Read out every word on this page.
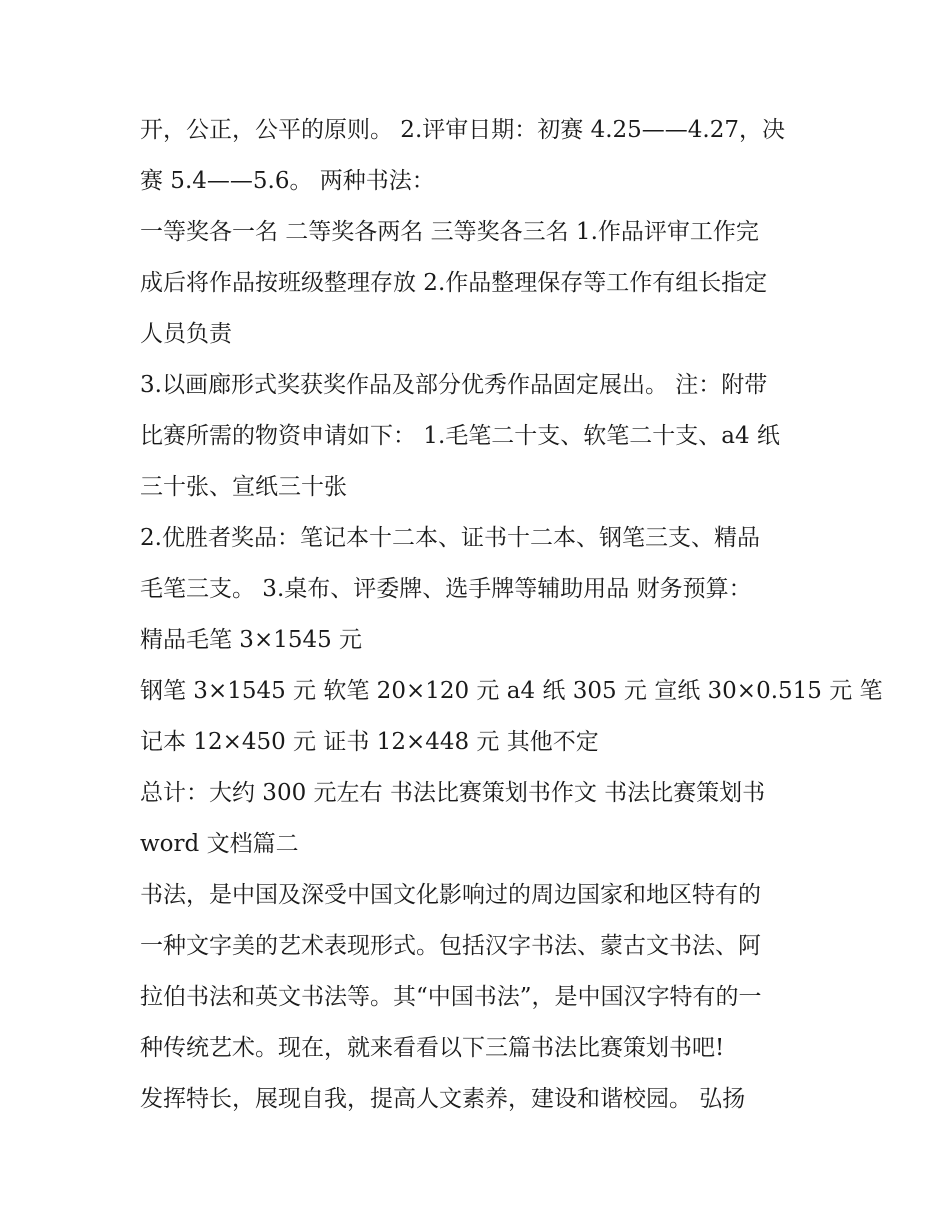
开，公正，公平的原则。 2.评审日期：初赛 4.25——4.27，决
赛 5.4——5.6。 两种书法：

一等奖各一名 二等奖各两名 三等奖各三名 1.作品评审工作完
成后将作品按班级整理存放 2.作品整理保存等工作有组长指定
人员负责

3.以画廊形式奖获奖作品及部分优秀作品固定展出。 注：附带
比赛所需的物资申请如下： 1.毛笔二十支、软笔二十支、a4 纸
三十张、宣纸三十张

2.优胜者奖品：笔记本十二本、证书十二本、钢笔三支、精品
毛笔三支。 3.桌布、评委牌、选手牌等辅助用品 财务预算：
精品毛笔 3×1545 元

钢笔 3×1545 元 软笔 20×120 元 a4 纸 305 元 宣纸 30×0.515 元 笔
记本 12×450 元 证书 12×448 元 其他不定

总计：大约 300 元左右 书法比赛策划书作文 书法比赛策划书
word 文档篇二

书法，是中国及深受中国文化影响过的周边国家和地区特有的
一种文字美的艺术表现形式。包括汉字书法、蒙古文书法、阿
拉伯书法和英文书法等。其“中国书法”，是中国汉字特有的一
种传统艺术。现在，就来看看以下三篇书法比赛策划书吧!

发挥特长，展现自我，提高人文素养，建设和谐校园。 弘扬
